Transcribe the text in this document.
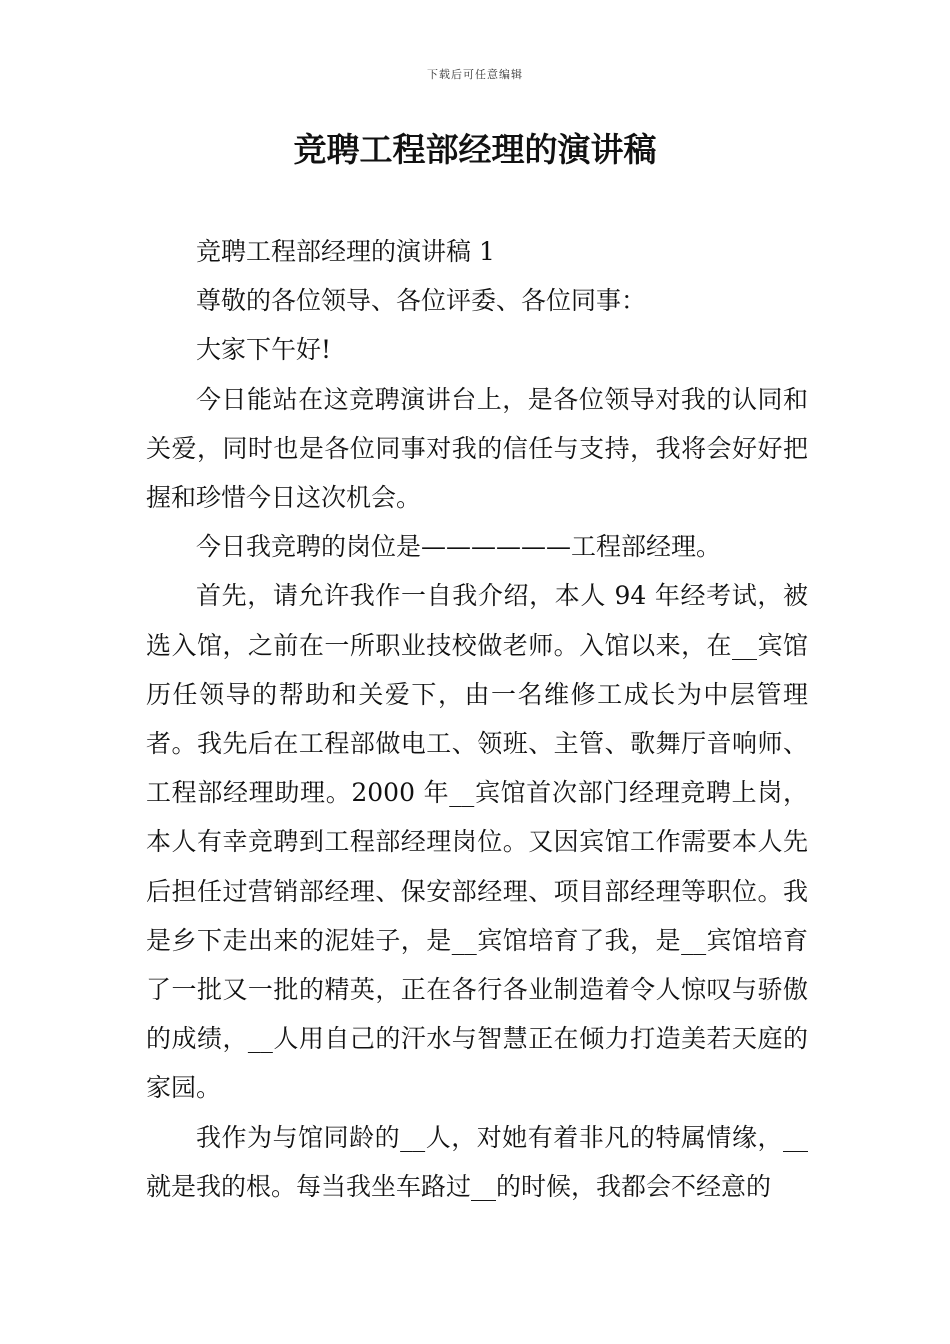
下载后可任意编辑
竞聘工程部经理的演讲稿

竞聘工程部经理的演讲稿 1

尊敬的各位领导、各位评委、各位同事：

大家下午好!

今日能站在这竞聘演讲台上，是各位领导对我的认同和关爱，同时也是各位同事对我的信任与支持，我将会好好把握和珍惜今日这次机会。

今日我竞聘的岗位是——————工程部经理。

首先，请允许我作一自我介绍，本人 94 年经考试，被选入馆，之前在一所职业技校做老师。入馆以来，在__宾馆历任领导的帮助和关爱下，由一名维修工成长为中层管理者。我先后在工程部做电工、领班、主管、歌舞厅音响师、工程部经理助理。2000 年__宾馆首次部门经理竞聘上岗，本人有幸竞聘到工程部经理岗位。又因宾馆工作需要本人先后担任过营销部经理、保安部经理、项目部经理等职位。我是乡下走出来的泥娃子，是__宾馆培育了我，是__宾馆培育了一批又一批的精英，正在各行各业制造着令人惊叹与骄傲的成绩，__人用自己的汗水与智慧正在倾力打造美若天庭的家园。

我作为与馆同龄的__人，对她有着非凡的特属情缘，__就是我的根。每当我坐车路过__的时候，我都会不经意的
